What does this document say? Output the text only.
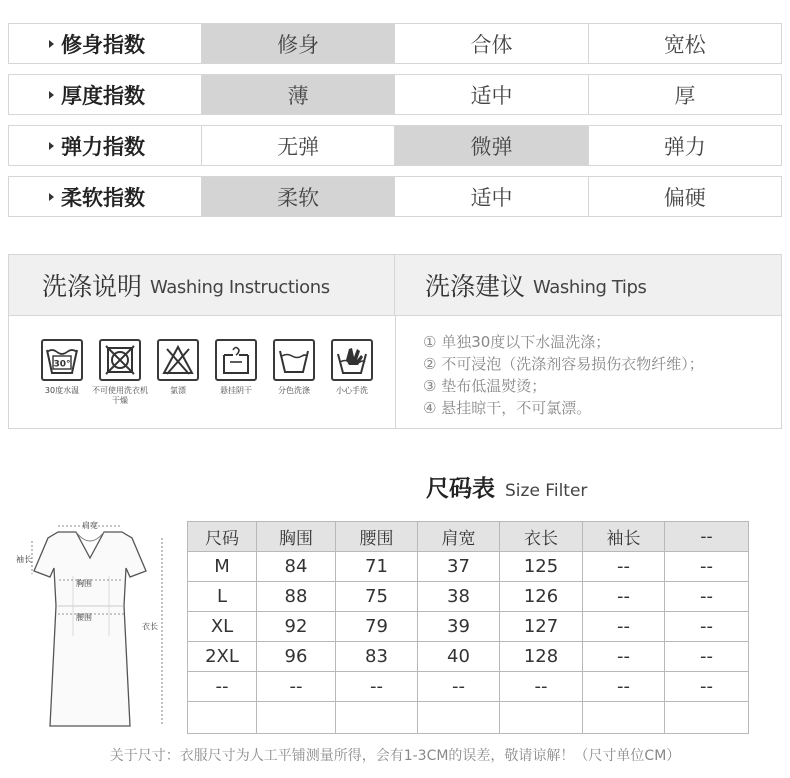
修身指数	修身	合体	宽松
厚度指数	薄	适中	厚
弹力指数	无弹	微弹	弹力
柔软指数	柔软	适中	偏硬
洗涤说明 Washing Instructions	洗涤建议 Washing Tips
30°
30度水温	不可使用洗衣机干燥
氯漂	悬挂阴干	分色洗涤	小心手洗
① 单独30度以下水温洗涤；
② 不可浸泡（洗涤剂容易损伤衣物纤维）；
③ 垫布低温熨烫；
④ 悬挂晾干，不可氯漂。
尺码表 Size Filter
肩宽
袖长
胸围
腰围
衣长
尺码	胸围	腰围	肩宽	衣长	袖长	--
M	84	71	37	125	--	--
L	88	75	38	126	--	--
XL	92	79	39	127	--	--
2XL	96	83	40	128	--	--
--	--	--	--	--	--	--

关于尺寸：衣服尺寸为人工平铺测量所得，会有1-3CM的误差，敬请谅解！（尺寸单位CM）
